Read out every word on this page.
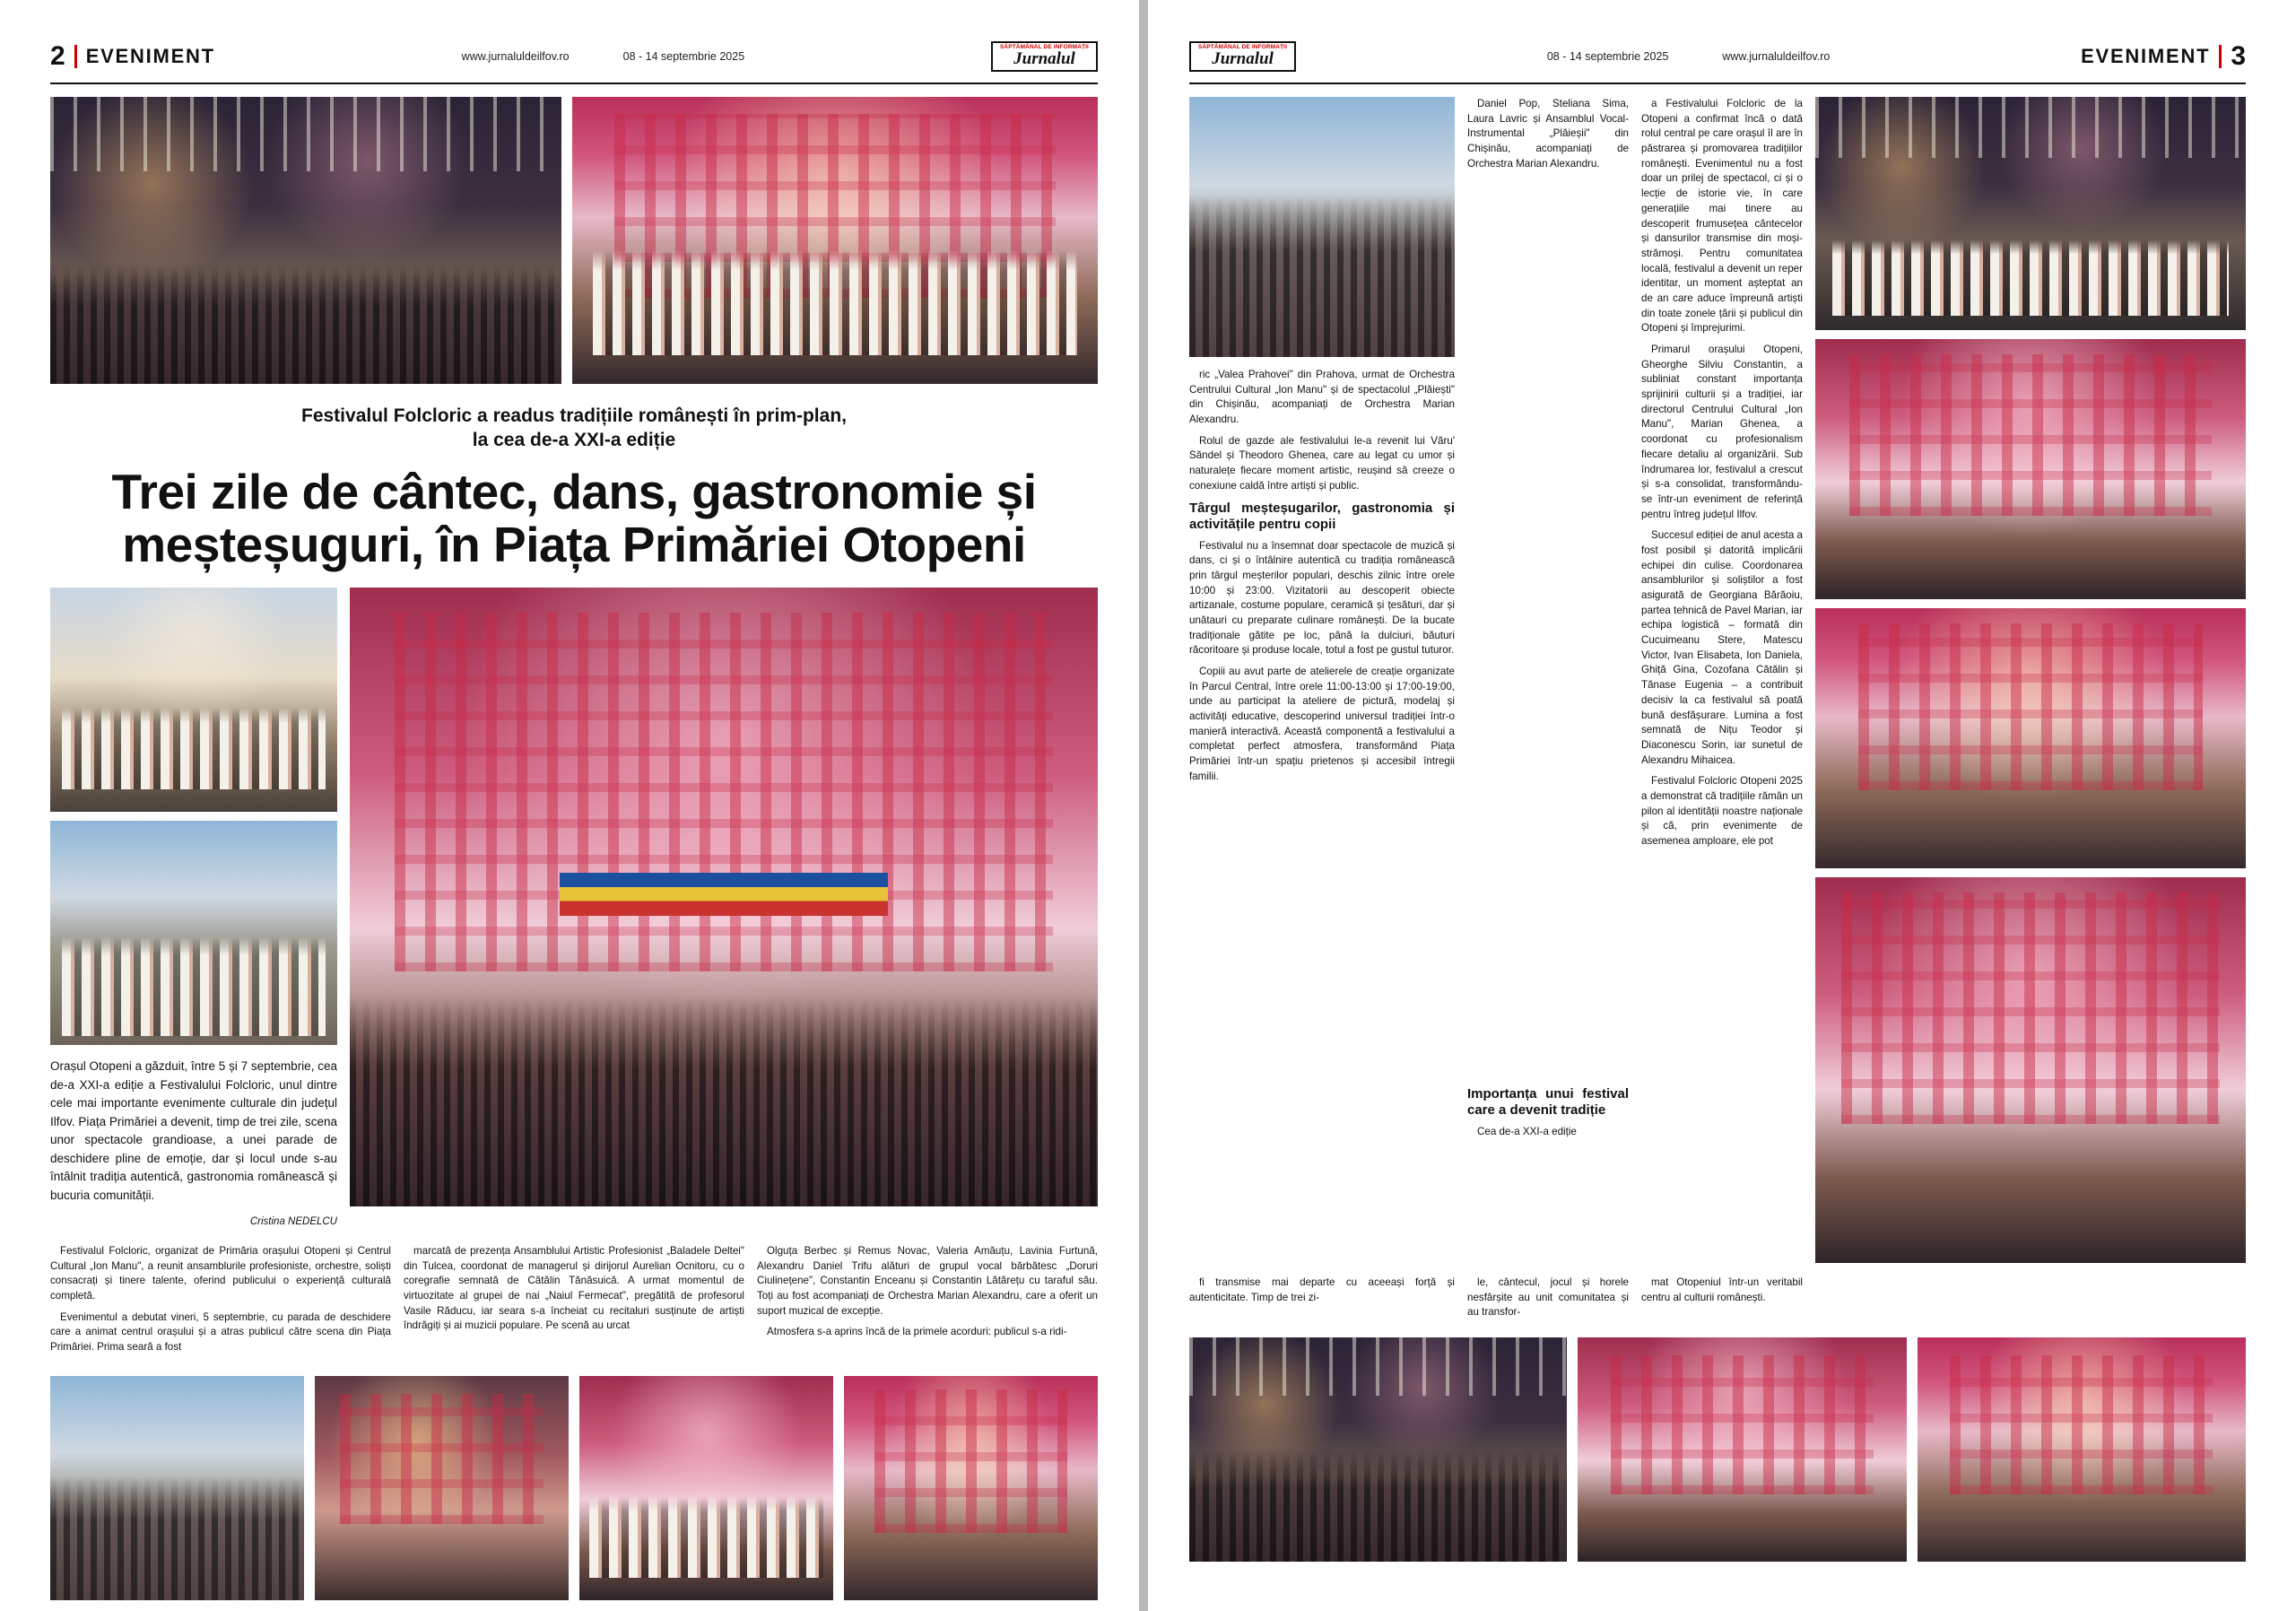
2 EVENIMENT	www.jurnaluldeilfov.ro	08 - 14 septembrie 2025
SĂPTĂMÂNAL DE INFORMAȚII
Jurnalul
Festivalul Folcloric a readus tradițiile românești în prim-plan,
la cea de-a XXI-a ediție
Trei zile de cântec, dans, gastronomie și meșteșuguri, în Piața Primăriei Otopeni
Orașul Otopeni a găzduit, între 5 și 7 septembrie, cea de-a XXI-a ediție a Festivalului Folcloric, unul dintre cele mai importante evenimente culturale din județul Ilfov. Piața Primăriei a devenit, timp de trei zile, scena unor spectacole grandioase, a unei parade de deschidere pline de emoție, dar și locul unde s-au întâlnit tradiția autentică, gastronomia românească și bucuria comunității.
Cristina NEDELCU

Festivalul Folcloric, organizat de Primăria orașului Otopeni și Centrul Cultural „Ion Manu", a reunit ansamblurile profesioniste, orchestre, soliști consacrați și tinere talente, oferind publicului o experiență culturală completă.

Evenimentul a debutat vineri, 5 septembrie, cu parada de deschidere care a animat centrul orașului și a atras publicul către scena din Piața Primăriei. Prima seară a fost

marcată de prezența Ansamblului Artistic Profesionist „Baladele Deltei" din Tulcea, coordonat de managerul și dirijorul Aurelian Ocnitoru, cu o coregrafie semnată de Cătălin Tănăsuică. A urmat momentul de virtuozitate al grupei de nai „Naiul Fermecat", pregătită de profesorul Vasile Răducu, iar seara s-a încheiat cu recitaluri susținute de artiști îndrăgiți și ai muzicii populare. Pe scenă au urcat

Olguța Berbec și Remus Novac, Valeria Amăuțu, Lavinia Furtună, Alexandru Daniel Trifu alături de grupul vocal bărbătesc „Doruri Ciulinețene", Constantin Enceanu și Constantin Lătărețu cu taraful său. Toți au fost acompaniați de Orchestra Marian Alexandru, care a oferit un suport muzical de excepție.

Atmosfera s-a aprins încă de la primele acorduri: publicul s-a ridi-

SĂPTĂMÂNAL DE INFORMAȚII
Jurnalul	08 - 14 septembrie 2025	www.jurnaluldeilfov.ro	EVENIMENT 3

ric „Valea Prahovei" din Prahova, urmat de Orchestra Centrului Cultural „Ion Manu" și de spectacolul „Plăiești" din Chișinău, acompaniați de Orchestra Marian Alexandru.

Rolul de gazde ale festivalului le-a revenit lui Văru' Săndel și Theodoro Ghenea, care au legat cu umor și naturalețe fiecare moment artistic, reușind să creeze o conexiune caldă între artiști și public.

Târgul meșteșugarilor, gastronomia și activitățile pentru copii

Festivalul nu a însemnat doar spectacole de muzică și dans, ci și o întâlnire autentică cu tradiția românească prin târgul meșterilor populari, deschis zilnic între orele 10:00 și 23:00. Vizitatorii au descoperit obiecte artizanale, costume populare, ceramică și țesături, dar și unătauri cu preparate culinare românești. De la bucate tradiționale gătite pe loc, până la dulciuri, băuturi răcoritoare și produse locale, totul a fost pe gustul tuturor.

Copiii au avut parte de atelierele de creație organizate în Parcul Central, între orele 11:00-13:00 și 17:00-19:00, unde au participat la ateliere de pictură, modelaj și activități educative, descoperind universul tradiției într-o manieră interactivă. Această componentă a festivalului a completat perfect atmosfera, transformând Piața Primăriei într-un spațiu prietenos și accesibil întregii familii.

Daniel Pop, Steliana Sima, Laura Lavric și Ansamblul Vocal-Instrumental „Plăieșii" din Chișinău, acompaniați de Orchestra Marian Alexandru.

Importanța unui festival care a devenit tradiție

Cea de-a XXI-a ediție

a Festivalului Folcloric de la Otopeni a confirmat încă o dată rolul central pe care orașul îl are în păstrarea și promovarea tradițiilor românești. Evenimentul nu a fost doar un prilej de spectacol, ci și o lecție de istorie vie, în care generațiile mai tinere au descoperit frumusețea cântecelor și dansurilor transmise din moși-strămoși. Pentru comunitatea locală, festivalul a devenit un reper identitar, un moment așteptat an de an care aduce împreună artiști din toate zonele țării și publicul din Otopeni și împrejurimi.

Primarul orașului Otopeni, Gheorghe Silviu Constantin, a subliniat constant importanța sprijinirii culturii și a tradiției, iar directorul Centrului Cultural „Ion Manu", Marian Ghenea, a coordonat cu profesionalism fiecare detaliu al organizării. Sub îndrumarea lor, festivalul a crescut și s-a consolidat, transformându-se într-un eveniment de referință pentru întreg județul Ilfov.

Succesul ediției de anul acesta a fost posibil și datorită implicării echipei din culise. Coordonarea ansamblurilor și soliștilor a fost asigurată de Georgiana Bărăoiu, partea tehnică de Pavel Marian, iar echipa logistică – formată din Cucuimeanu Stere, Matescu Victor, Ivan Elisabeta, Ion Daniela, Ghiță Gina, Cozofana Cătălin și Tănase Eugenia – a contribuit decisiv la ca festivalul să poată bună desfășurare. Lumina a fost semnată de Nițu Teodor și Diaconescu Sorin, iar sunetul de Alexandru Mihaicea.

Festivalul Folcloric Otopeni 2025 a demonstrat că tradițiile rămân un pilon al identității noastre naționale și că, prin evenimente de asemenea amploare, ele pot

fi transmise mai departe cu aceeași forță și autenticitate. Timp de trei zi-

le, cântecul, jocul și horele nesfârșite au unit comunitatea și au transfor-

mat Otopeniul într-un veritabil centru al culturii românești.
